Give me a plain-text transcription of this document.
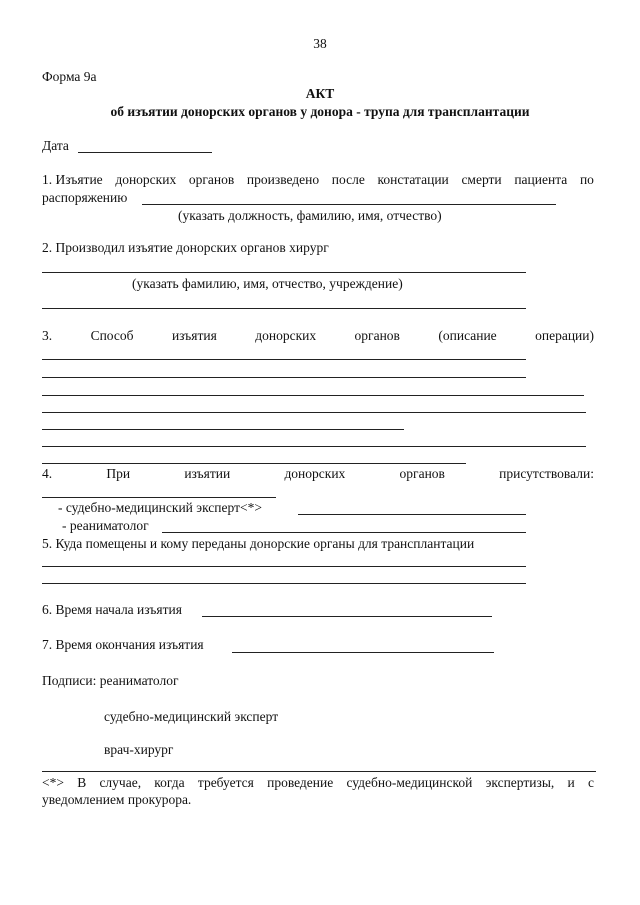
38
Форма 9а
АКТ
об изъятии донорских органов у донора - трупа для трансплантации
Дата
1. Изъятие донорских органов произведено после констатации смерти пациента по
распоряжению
(указать должность, фамилию, имя, отчество)
2. Производил изъятие донорских органов хирург
(указать фамилию, имя, отчество, учреждение)
3.	Способ	изъятия	донорских	органов	(описание	операции)
4.	При	изъятии	донорских	органов	присутствовали:
- судебно-медицинский эксперт<*>
- реаниматолог
5. Куда помещены и кому переданы донорские органы для трансплантации
6. Время начала изъятия
7. Время окончания изъятия
Подписи: реаниматолог
судебно-медицинский эксперт
врач-хирург
<*> В случае, когда требуется проведение судебно-медицинской экспертизы, и с
уведомлением прокурора.
